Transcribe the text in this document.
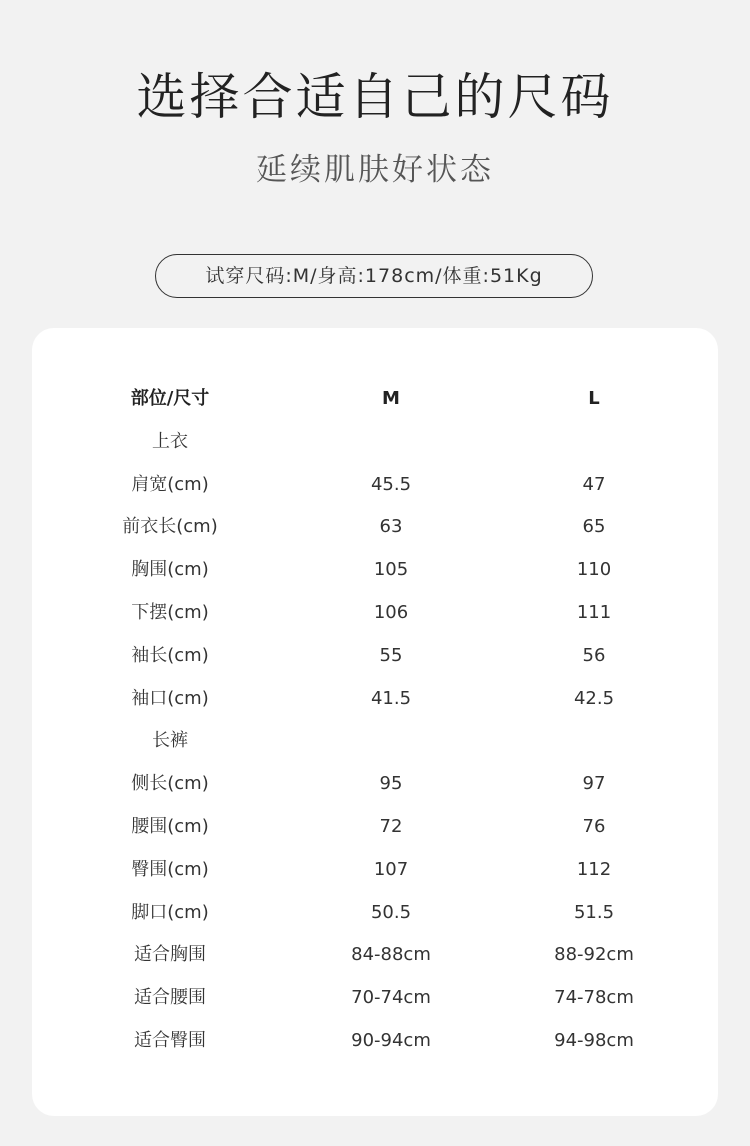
选择合适自己的尺码
延续肌肤好状态
试穿尺码:M/身高:178cm/体重:51Kg
部位/尺寸	M	L
上衣
肩宽(cm)	45.5	47
前衣长(cm)	63	65
胸围(cm)	105	110
下摆(cm)	106	111
袖长(cm)	55	56
袖口(cm)	41.5	42.5
长裤
侧长(cm)	95	97
腰围(cm)	72	76
臀围(cm)	107	112
脚口(cm)	50.5	51.5
适合胸围	84-88cm	88-92cm
适合腰围	70-74cm	74-78cm
适合臀围	90-94cm	94-98cm
